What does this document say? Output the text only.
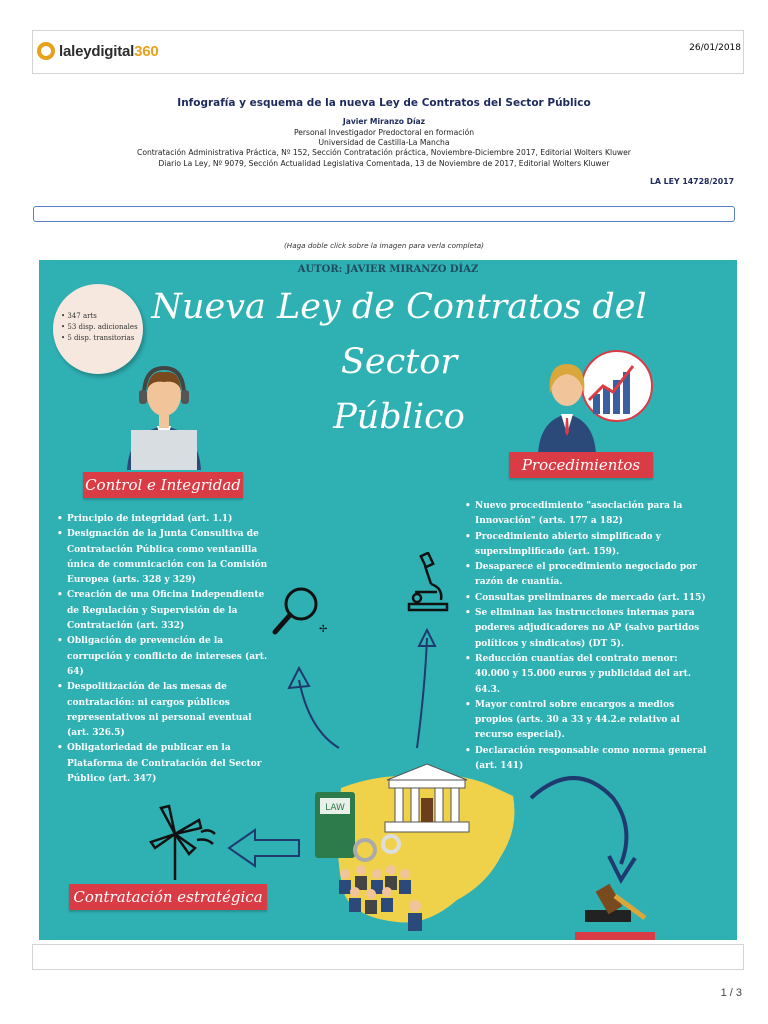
laleydigital360	26/01/2018
Infografía y esquema de la nueva Ley de Contratos del Sector Público
Javier Miranzo Díaz
Personal Investigador Predoctoral en formación
Universidad de Castilla-La Mancha
Contratación Administrativa Práctica, Nº 152, Sección Contratación práctica, Noviembre-Diciembre 2017, Editorial Wolters Kluwer
Diario La Ley, Nº 9079, Sección Actualidad Legislativa Comentada, 13 de Noviembre de 2017, Editorial Wolters Kluwer
LA LEY 14728/2017
(Haga doble click sobre la imagen para verla completa)
AUTOR: JAVIER MIRANZO DÍAZ
Nueva Ley de Contratos del Sector
Público
• 347 arts
• 53 disp. adicionales
• 5 disp. transitorias
Control e Integridad
Procedimientos
• Principio de integridad (art. 1.1)
• Designación de la Junta Consultiva de Contratación Pública como ventanilla única de comunicación con la Comisión Europea (arts. 328 y 329)
• Creación de una Oficina Independiente de Regulación y Supervisión de la Contratación (art. 332)
• Obligación de prevención de la corrupción y conflicto de intereses (art. 64)
• Despolitización de las mesas de contratación: ni cargos públicos representativos ni personal eventual (art. 326.5)
• Obligatoriedad de publicar en la Plataforma de Contratación del Sector Público (art. 347)
• Nuevo procedimiento "asociación para la Innovación" (arts. 177 a 182)
• Procedimiento abierto simplificado y supersimplificado (art. 159).
• Desaparece el procedimiento negociado por razón de cuantía.
• Consultas preliminares de mercado (art. 115)
• Se eliminan las instrucciones internas para poderes adjudicadores no AP (salvo partidos políticos y sindicatos) (DT 5).
• Reducción cuantías del contrato menor: 40.000 y 15.000 euros y publicidad del art. 64.3.
• Mayor control sobre encargos a medios propios (arts. 30 a 33 y 44.2.e relativo al recurso especial).
• Declaración responsable como norma general (art. 141)
✢
Contratación estratégica
LAW
1 / 3
